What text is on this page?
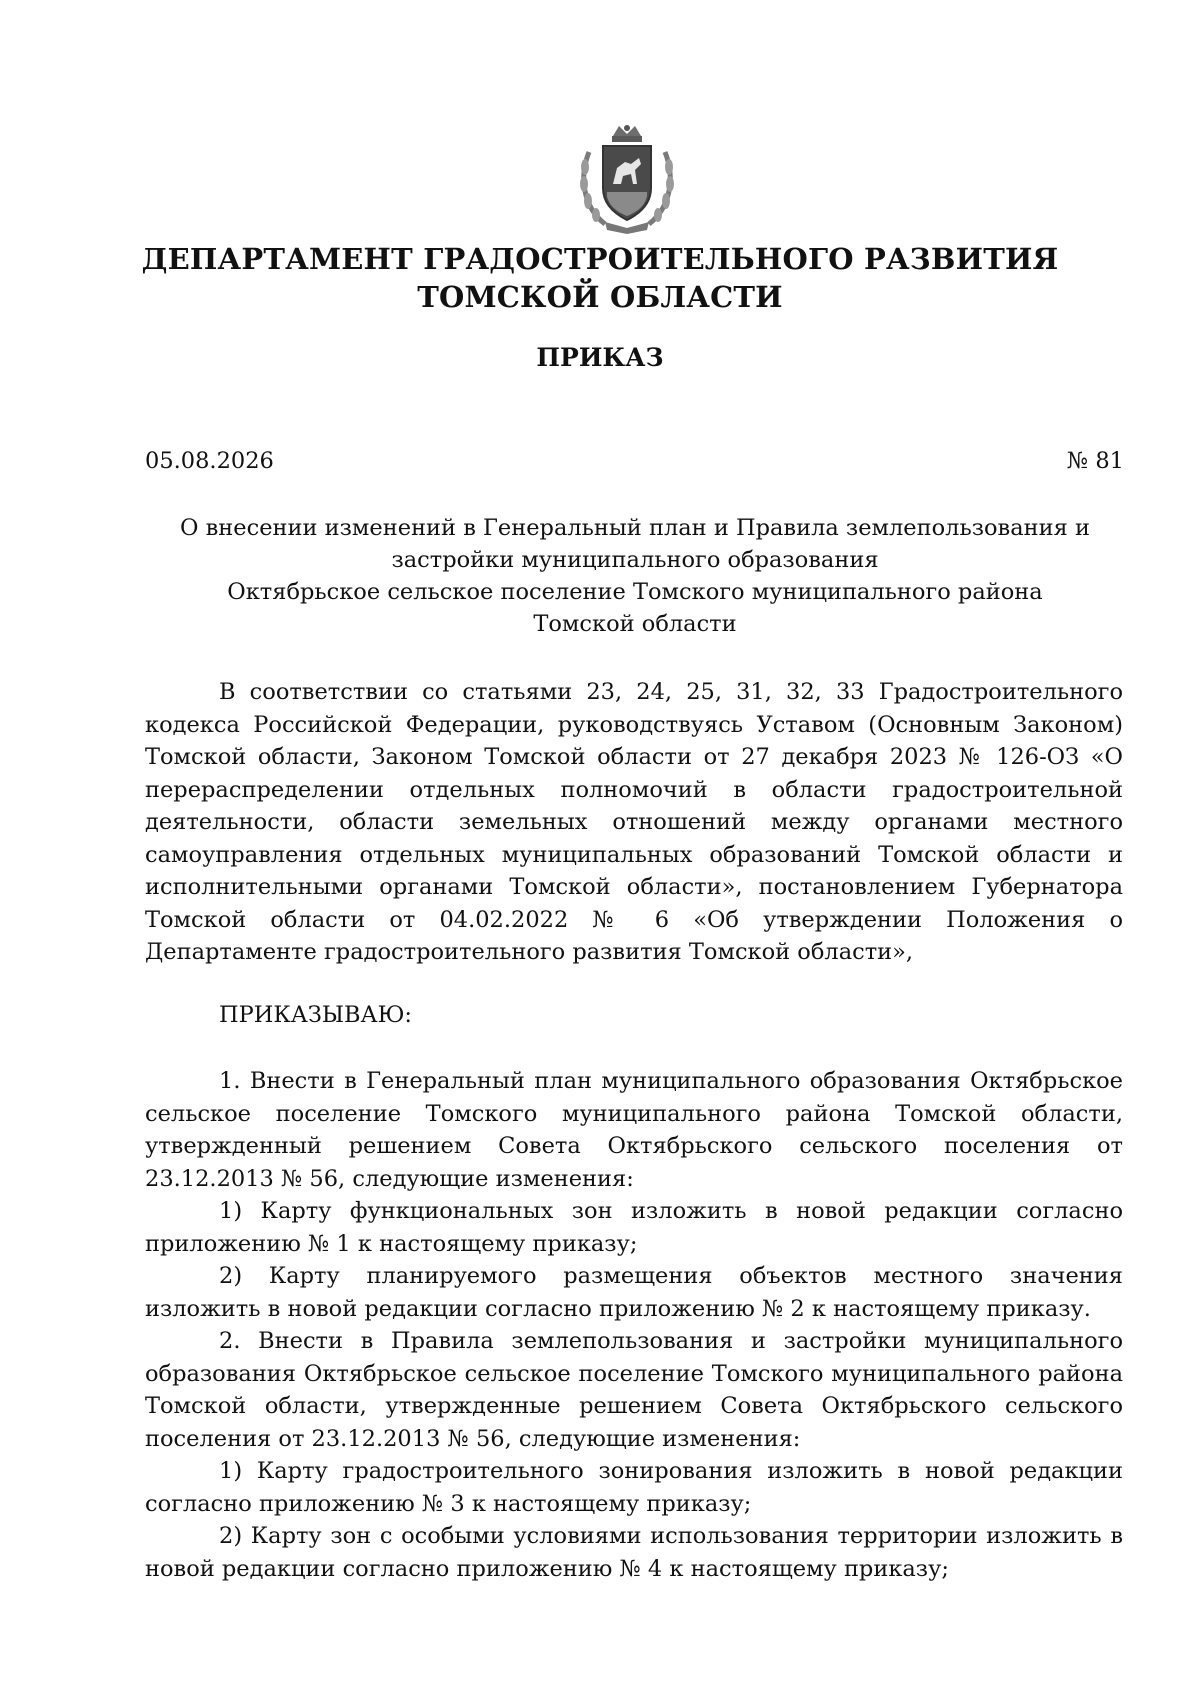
ДЕПАРТАМЕНТ ГРАДОСТРОИТЕЛЬНОГО РАЗВИТИЯ
ТОМСКОЙ ОБЛАСТИ
ПРИКАЗ
05.08.2026	№ 81
О внесении изменений в Генеральный план и Правила землепользования и
застройки муниципального образования
Октябрьское сельское поселение Томского муниципального района
Томской области

В соответствии со статьями 23, 24, 25, 31, 32, 33 Градостроительного кодекса Российской Федерации, руководствуясь Уставом (Основным Законом) Томской области, Законом Томской области от 27 декабря 2023 № 126-ОЗ «О перераспределении отдельных полномочий в области градостроительной деятельности, области земельных отношений между органами местного самоуправления отдельных муниципальных образований Томской области и исполнительными органами Томской области», постановлением Губернатора Томской области от 04.02.2022 № 6 «Об утверждении Положения о Департаменте градостроительного развития Томской области»,

ПРИКАЗЫВАЮ:

1. Внести в Генеральный план муниципального образования Октябрьское сельское поселение Томского муниципального района Томской области, утвержденный решением Совета Октябрьского сельского поселения от 23.12.2013 № 56, следующие изменения:

1) Карту функциональных зон изложить в новой редакции согласно приложению № 1 к настоящему приказу;

2) Карту планируемого размещения объектов местного значения изложить в новой редакции согласно приложению № 2 к настоящему приказу.

2. Внести в Правила землепользования и застройки муниципального образования Октябрьское сельское поселение Томского муниципального района Томской области, утвержденные решением Совета Октябрьского сельского поселения от 23.12.2013 № 56, следующие изменения:

1) Карту градостроительного зонирования изложить в новой редакции согласно приложению № 3 к настоящему приказу;

2) Карту зон с особыми условиями использования территории изложить в новой редакции согласно приложению № 4 к настоящему приказу;
